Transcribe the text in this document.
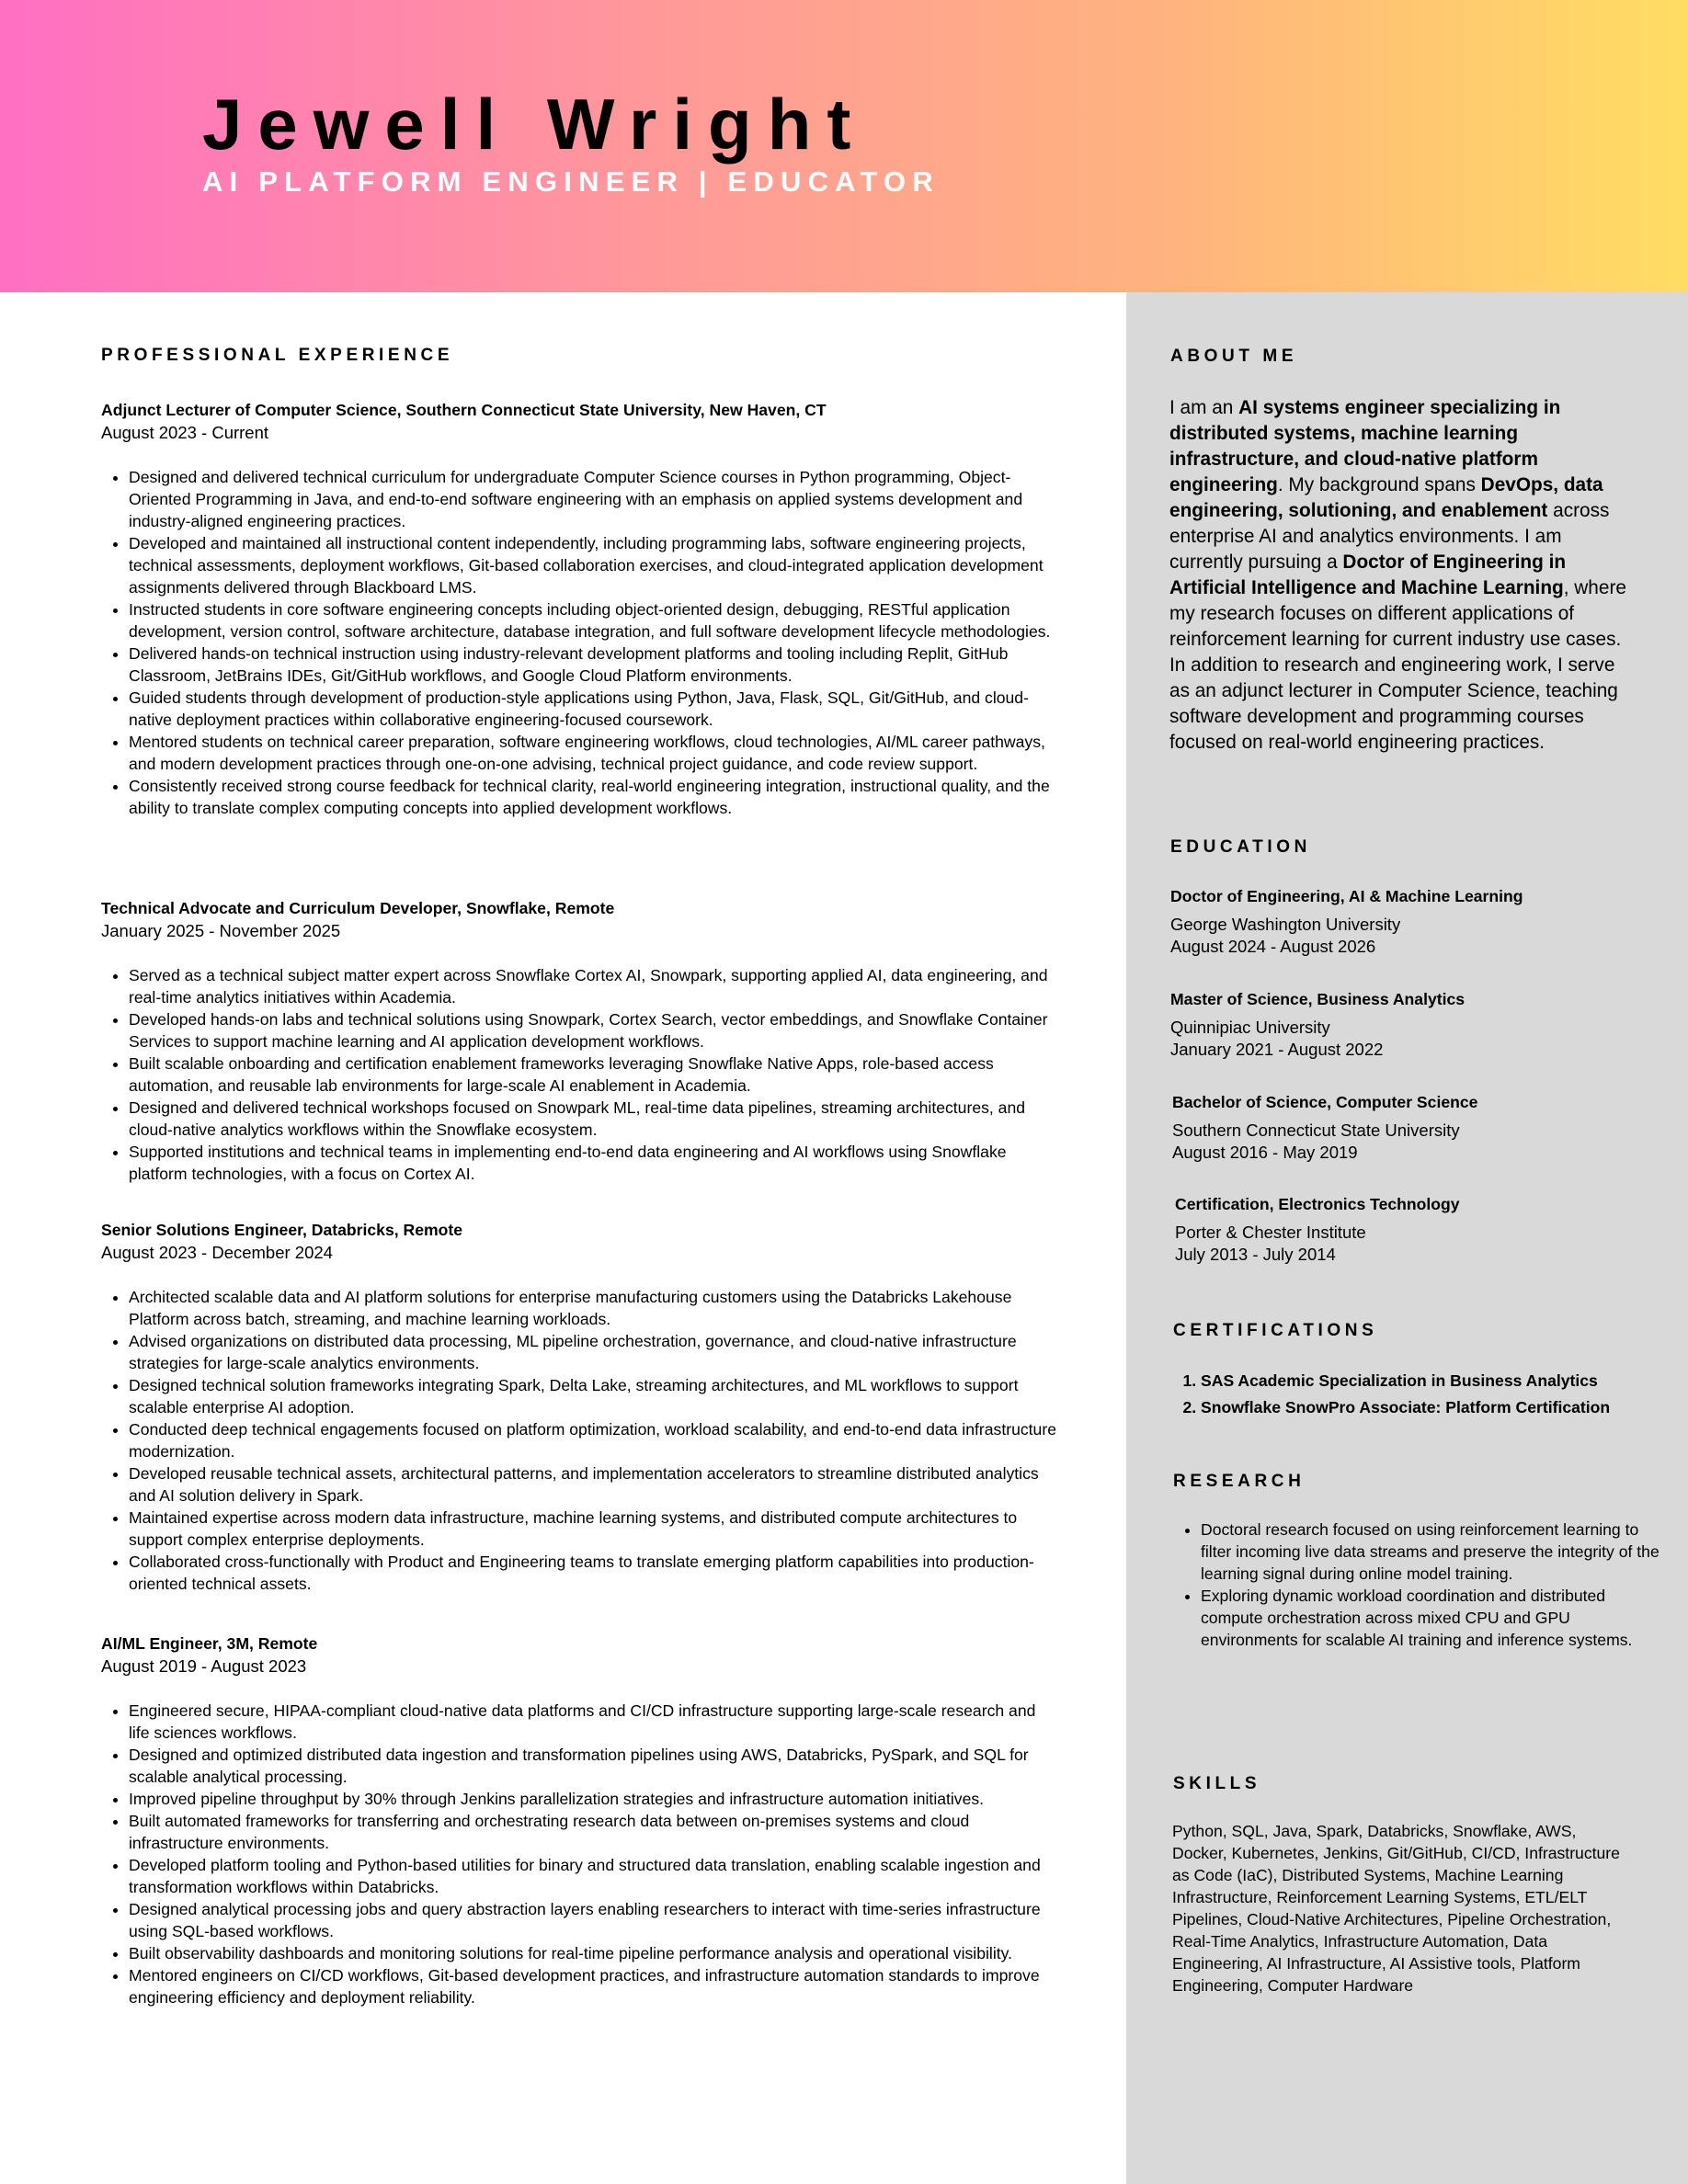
Jewell Wright
AI PLATFORM ENGINEER | EDUCATOR
PROFESSIONAL EXPERIENCE
Adjunct Lecturer of Computer Science, Southern Connecticut State University, New Haven, CT
August 2023 - Current
• Designed and delivered technical curriculum for undergraduate Computer Science courses in Python programming, Object-Oriented Programming in Java, and end-to-end software engineering with an emphasis on applied systems development and industry-aligned engineering practices.
• Developed and maintained all instructional content independently, including programming labs, software engineering projects, technical assessments, deployment workflows, Git-based collaboration exercises, and cloud-integrated application development assignments delivered through Blackboard LMS.
• Instructed students in core software engineering concepts including object-oriented design, debugging, RESTful application development, version control, software architecture, database integration, and full software development lifecycle methodologies.
• Delivered hands-on technical instruction using industry-relevant development platforms and tooling including Replit, GitHub Classroom, JetBrains IDEs, Git/GitHub workflows, and Google Cloud Platform environments.
• Guided students through development of production-style applications using Python, Java, Flask, SQL, Git/GitHub, and cloud-native deployment practices within collaborative engineering-focused coursework.
• Mentored students on technical career preparation, software engineering workflows, cloud technologies, AI/ML career pathways, and modern development practices through one-on-one advising, technical project guidance, and code review support.
• Consistently received strong course feedback for technical clarity, real-world engineering integration, instructional quality, and the ability to translate complex computing concepts into applied development workflows.
Technical Advocate and Curriculum Developer, Snowflake, Remote
January 2025 - November 2025
• Served as a technical subject matter expert across Snowflake Cortex AI, Snowpark, supporting applied AI, data engineering, and real-time analytics initiatives within Academia.
• Developed hands-on labs and technical solutions using Snowpark, Cortex Search, vector embeddings, and Snowflake Container Services to support machine learning and AI application development workflows.
• Built scalable onboarding and certification enablement frameworks leveraging Snowflake Native Apps, role-based access automation, and reusable lab environments for large-scale AI enablement in Academia.
• Designed and delivered technical workshops focused on Snowpark ML, real-time data pipelines, streaming architectures, and cloud-native analytics workflows within the Snowflake ecosystem.
• Supported institutions and technical teams in implementing end-to-end data engineering and AI workflows using Snowflake platform technologies, with a focus on Cortex AI.
Senior Solutions Engineer, Databricks, Remote
August 2023 - December 2024
• Architected scalable data and AI platform solutions for enterprise manufacturing customers using the Databricks Lakehouse Platform across batch, streaming, and machine learning workloads.
• Advised organizations on distributed data processing, ML pipeline orchestration, governance, and cloud-native infrastructure strategies for large-scale analytics environments.
• Designed technical solution frameworks integrating Spark, Delta Lake, streaming architectures, and ML workflows to support scalable enterprise AI adoption.
• Conducted deep technical engagements focused on platform optimization, workload scalability, and end-to-end data infrastructure modernization.
• Developed reusable technical assets, architectural patterns, and implementation accelerators to streamline distributed analytics and AI solution delivery in Spark.
• Maintained expertise across modern data infrastructure, machine learning systems, and distributed compute architectures to support complex enterprise deployments.
• Collaborated cross-functionally with Product and Engineering teams to translate emerging platform capabilities into production-oriented technical assets.
AI/ML Engineer, 3M, Remote
August 2019 - August 2023
• Engineered secure, HIPAA-compliant cloud-native data platforms and CI/CD infrastructure supporting large-scale research and life sciences workflows.
• Designed and optimized distributed data ingestion and transformation pipelines using AWS, Databricks, PySpark, and SQL for scalable analytical processing.
• Improved pipeline throughput by 30% through Jenkins parallelization strategies and infrastructure automation initiatives.
• Built automated frameworks for transferring and orchestrating research data between on-premises systems and cloud infrastructure environments.
• Developed platform tooling and Python-based utilities for binary and structured data translation, enabling scalable ingestion and transformation workflows within Databricks.
• Designed analytical processing jobs and query abstraction layers enabling researchers to interact with time-series infrastructure using SQL-based workflows.
• Built observability dashboards and monitoring solutions for real-time pipeline performance analysis and operational visibility.
• Mentored engineers on CI/CD workflows, Git-based development practices, and infrastructure automation standards to improve engineering efficiency and deployment reliability.
ABOUT ME
I am an AI systems engineer specializing in distributed systems, machine learning infrastructure, and cloud-native platform engineering. My background spans DevOps, data engineering, solutioning, and enablement across enterprise AI and analytics environments. I am currently pursuing a Doctor of Engineering in Artificial Intelligence and Machine Learning, where my research focuses on different applications of reinforcement learning for current industry use cases. In addition to research and engineering work, I serve as an adjunct lecturer in Computer Science, teaching software development and programming courses focused on real-world engineering practices.
EDUCATION
Doctor of Engineering, AI & Machine Learning
George Washington University
August 2024 - August 2026
Master of Science, Business Analytics
Quinnipiac University
January 2021 - August 2022
Bachelor of Science, Computer Science
Southern Connecticut State University
August 2016 - May 2019
Certification, Electronics Technology
Porter & Chester Institute
July 2013 - July 2014
CERTIFICATIONS
1. SAS Academic Specialization in Business Analytics
2. Snowflake SnowPro Associate: Platform Certification
RESEARCH
• Doctoral research focused on using reinforcement learning to filter incoming live data streams and preserve the integrity of the learning signal during online model training.
• Exploring dynamic workload coordination and distributed compute orchestration across mixed CPU and GPU environments for scalable AI training and inference systems.
SKILLS
Python, SQL, Java, Spark, Databricks, Snowflake, AWS, Docker, Kubernetes, Jenkins, Git/GitHub, CI/CD, Infrastructure as Code (IaC), Distributed Systems, Machine Learning Infrastructure, Reinforcement Learning Systems, ETL/ELT Pipelines, Cloud-Native Architectures, Pipeline Orchestration, Real-Time Analytics, Infrastructure Automation, Data Engineering, AI Infrastructure, AI Assistive tools, Platform Engineering, Computer Hardware
